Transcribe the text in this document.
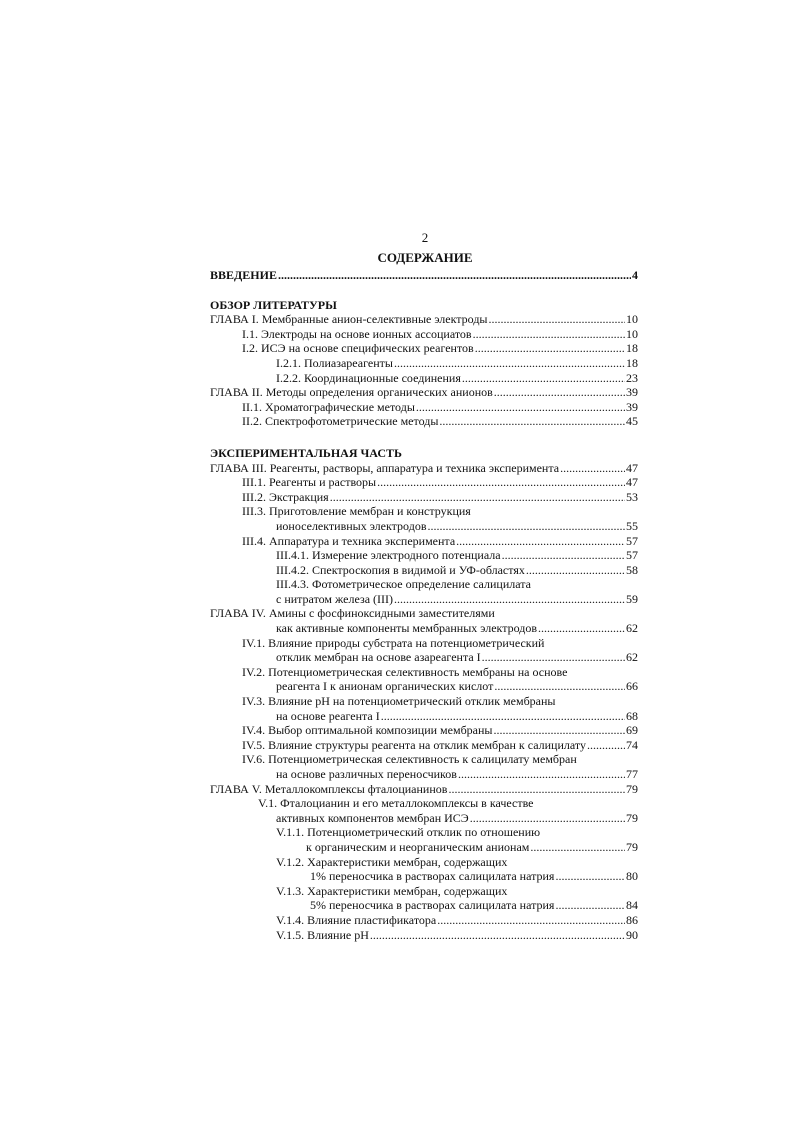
2
СОДЕРЖАНИЕ
ВВЕДЕНИЕ .....	4
ОБЗОР ЛИТЕРАТУРЫ
ГЛАВА I. Мембранные анион-селективные электроды .....	10
I.1. Электроды на основе ионных ассоциатов .....	10
I.2. ИСЭ на основе специфических реагентов .....	18
I.2.1. Полиазареагенты .....	18
I.2.2. Координационные соединения .....	23
ГЛАВА II. Методы определения органических анионов .....	39
II.1. Хроматографические методы .....	39
II.2. Спектрофотометрические методы .....	45
ЭКСПЕРИМЕНТАЛЬНАЯ ЧАСТЬ
ГЛАВА III. Реагенты, растворы, аппаратура и техника эксперимента .....	47
III.1. Реагенты и растворы .....	47
III.2. Экстракция .....	53
III.3. Приготовление мембран и конструкция
ионоселективных электродов .....	55
III.4. Аппаратура и техника эксперимента .....	57
III.4.1. Измерение электродного потенциала .....	57
III.4.2. Спектроскопия в видимой и УФ-областях .....	58
III.4.3. Фотометрическое определение салицилата
с нитратом железа (III) .....	59
ГЛАВА IV. Амины с фосфиноксидными заместителями
как активные компоненты мембранных электродов .....	62
IV.1. Влияние природы субстрата на потенциометрический
отклик мембран на основе азареагента I .....	62
IV.2. Потенциометрическая селективность мембраны на основе
реагента I к анионам органических кислот .....	66
IV.3. Влияние pH на потенциометрический отклик мембраны
на основе реагента I .....	68
IV.4. Выбор оптимальной композиции мембраны .....	69
IV.5. Влияние структуры реагента на отклик мембран к салицилату .....	74
IV.6. Потенциометрическая селективность к салицилату мембран
на основе различных переносчиков .....	77
ГЛАВА V. Металлокомплексы фталоцианинов .....	79
V.1. Фталоцианин и его металлокомплексы в качестве
активных компонентов мембран ИСЭ .....	79
V.1.1. Потенциометрический отклик по отношению
к органическим и неорганическим анионам .....	79
V.1.2. Характеристики мембран, содержащих
1% переносчика в растворах салицилата натрия .....	80
V.1.3. Характеристики мембран, содержащих
5% переносчика в растворах салицилата натрия .....	84
V.1.4. Влияние пластификатора .....	86
V.1.5. Влияние pH .....	90
